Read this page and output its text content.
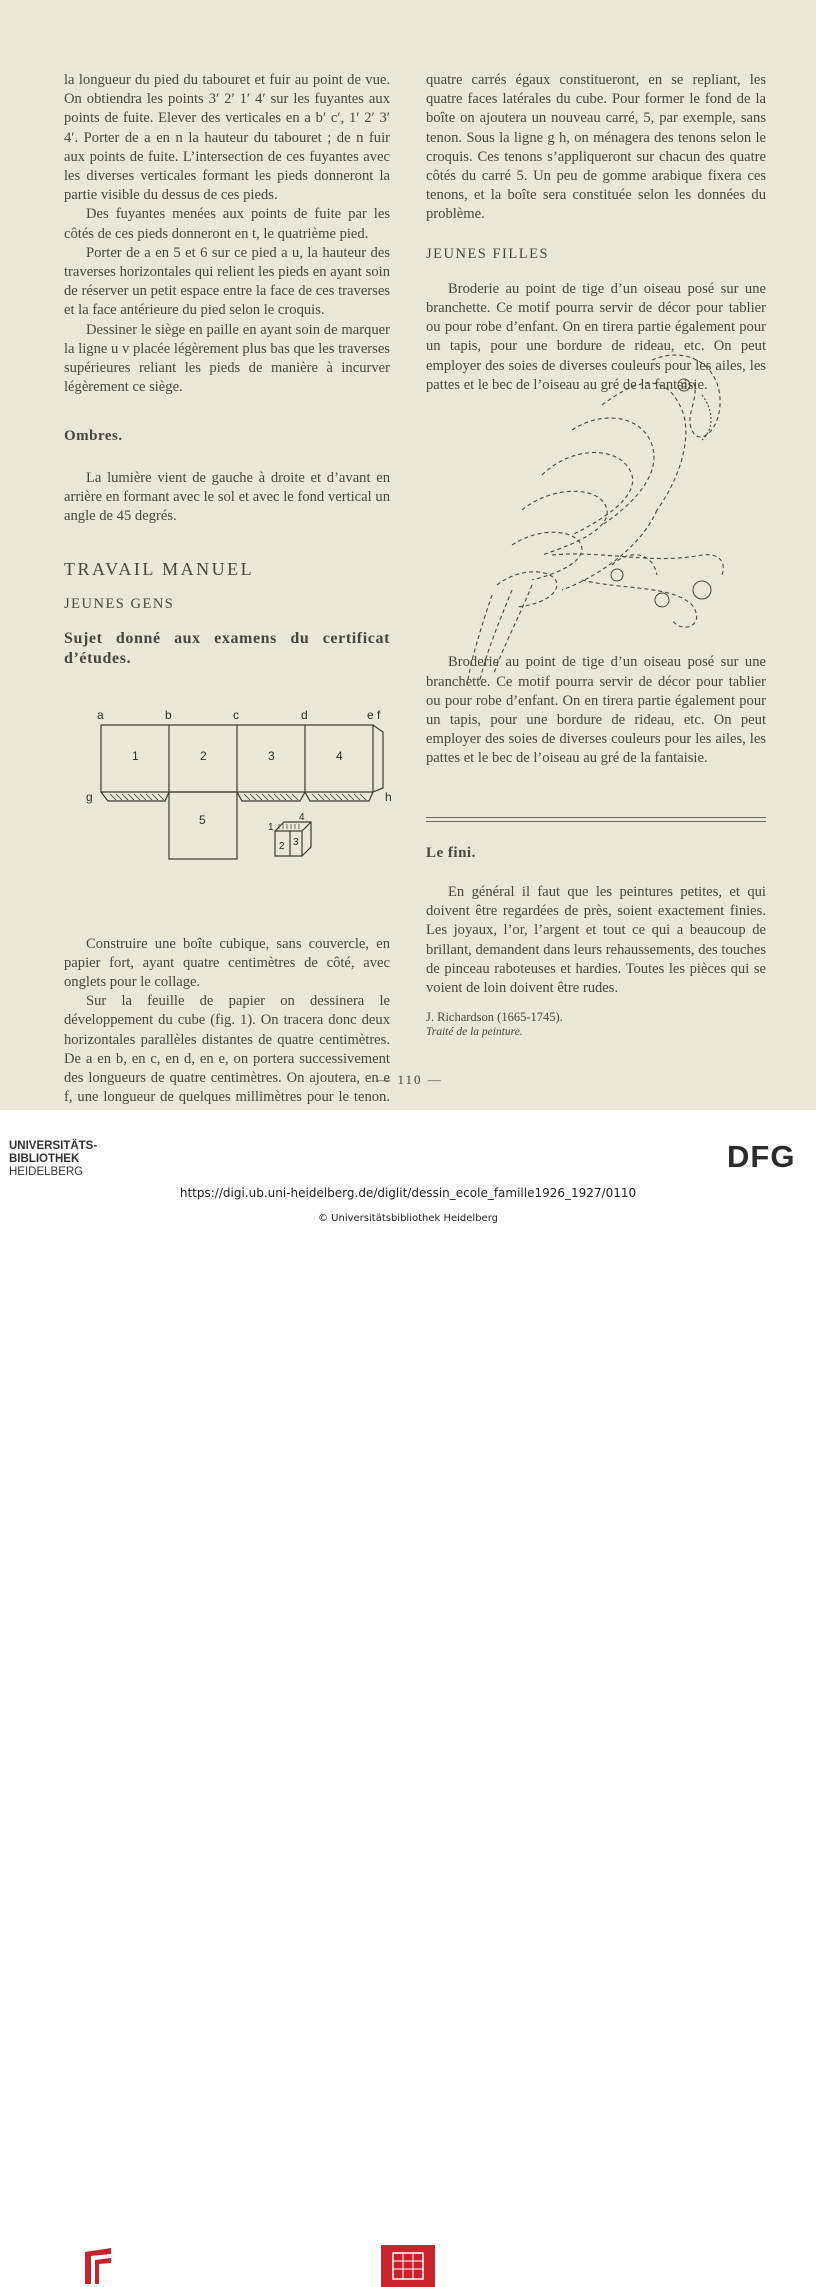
la longueur du pied du tabouret et fuir au point de vue. On obtiendra les points 3′ 2′ 1′ 4′ sur les fuyantes aux points de fuite. Elever des verticales en a b′ c′, 1′ 2′ 3′ 4′. Porter de a en n la hauteur du tabouret ; de n fuir aux points de fuite. L’intersection de ces fuyantes avec les diverses verticales formant les pieds donneront la partie visible du dessus de ces pieds.

Des fuyantes menées aux points de fuite par les côtés de ces pieds donneront en t, le quatrième pied.

Porter de a en 5 et 6 sur ce pied a u, la hauteur des traverses horizontales qui relient les pieds en ayant soin de réserver un petit espace entre la face de ces traverses et la face antérieure du pied selon le croquis.

Dessiner le siège en paille en ayant soin de marquer la ligne u v placée légèrement plus bas que les traverses supérieures reliant les pieds de manière à incurver légèrement ce siège.

Ombres.

La lumière vient de gauche à droite et d’avant en arrière en formant avec le sol et avec le fond vertical un angle de 45 degrés.

TRAVAIL MANUEL

JEUNES GENS

Sujet donné aux examens du certificat d’études.

Construire une boîte cubique, sans couvercle, en papier fort, ayant quatre centimètres de côté, avec onglets pour le collage.

Sur la feuille de papier on dessinera le développement du cube (fig. 1). On tracera donc deux horizontales parallèles distantes de quatre centimètres. De a en b, en c, en d, en e, on portera successivement des longueurs de quatre centimètres. On ajoutera, en e f, une longueur de quelques millimètres pour le tenon.

a	b	c	d	e f
1	2	3	4
5
g	h
1
4
2 3

quatre carrés égaux constitueront, en se repliant, les quatre faces latérales du cube. Pour former le fond de la boîte on ajoutera un nouveau carré, 5, par exemple, sans tenon. Sous la ligne g h, on ménagera des tenons selon le croquis. Ces tenons s’appliqueront sur chacun des quatre côtés du carré 5. Un peu de gomme arabique fixera ces tenons, et la boîte sera constituée selon les données du problème.

JEUNES FILLES

Broderie au point de tige d’un oiseau posé sur une branchette. Ce motif pourra servir de décor pour tablier ou pour robe d’enfant. On en tirera partie également pour un tapis, pour une bordure de rideau, etc. On peut employer des soies de diverses couleurs pour les ailes, les pattes et le bec de l’oiseau au gré de la fantaisie.

Le fini.

En général il faut que les peintures petites, et qui doivent être regardées de près, soient exactement finies. Les joyaux, l’or, l’argent et tout ce qui a beaucoup de brillant, demandent dans leurs rehaussements, des touches de pinceau raboteuses et hardies. Toutes les pièces qui se voient de loin doivent être rudes.

J. Richardson (1665-1745).

Traité de la peinture.

Broderie au point de tige d’un oiseau posé sur une branchette. Ce motif pourra servir de décor pour tablier ou pour robe d’enfant. On en tirera partie également pour un tapis, pour une bordure de rideau, etc. On peut employer des soies de diverses couleurs pour les ailes, les pattes et le bec de l’oiseau au gré de la fantaisie.

— 110 —
UNIVERSITÄTS-
BIBLIOTHEK
HEIDELBERG	DFG
https://digi.ub.uni-heidelberg.de/diglit/dessin_ecole_famille1926_1927/0110
© Universitätsbibliothek Heidelberg
